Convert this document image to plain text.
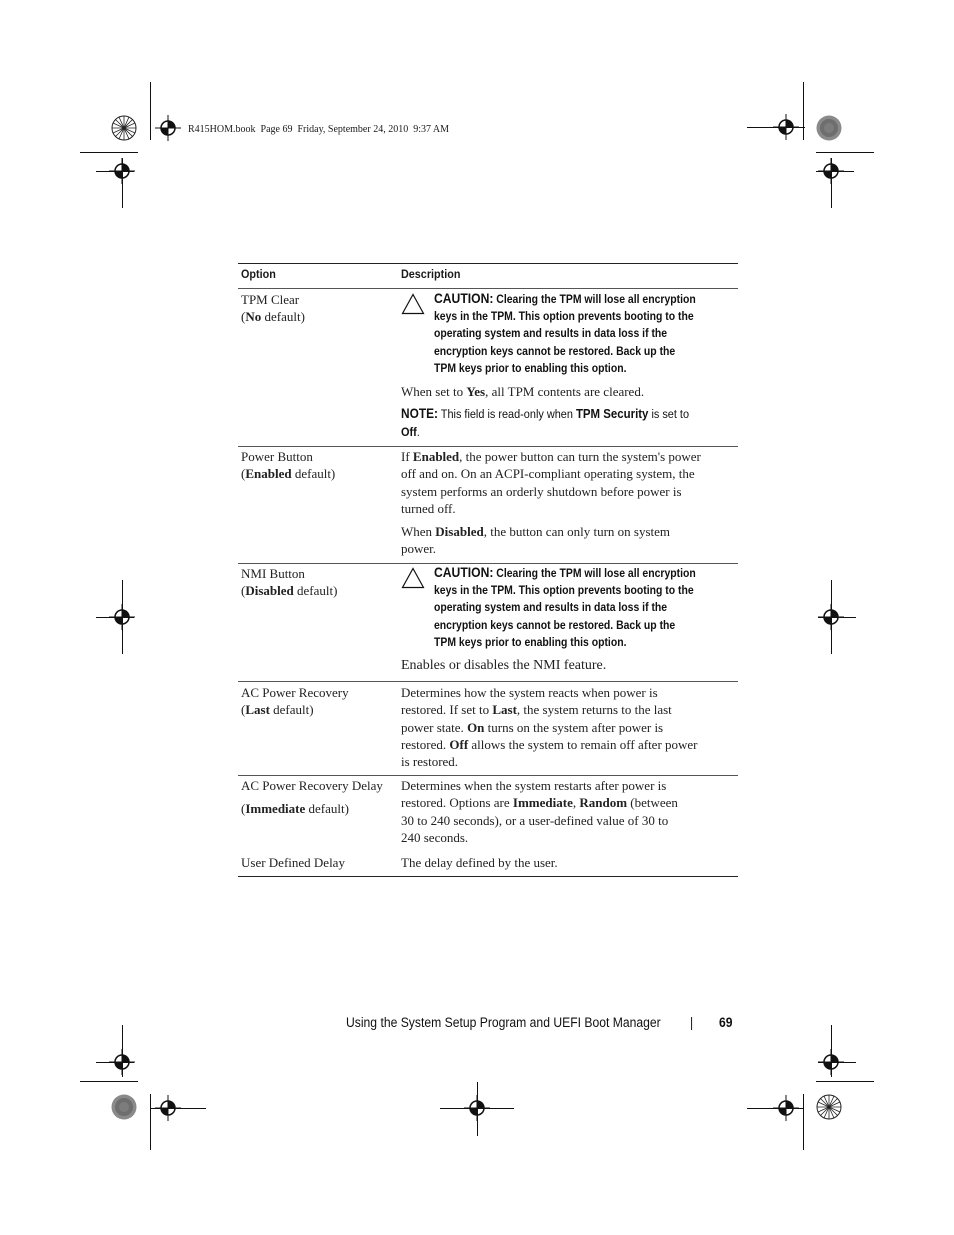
R415HOM.book Page 69 Friday, September 24, 2010 9:37 AM
Option	Description
TPM Clear
(No default)
CAUTION: Clearing the TPM will lose all encryption
keys in the TPM. This option prevents booting to the
operating system and results in data loss if the
encryption keys cannot be restored. Back up the
TPM keys prior to enabling this option.
When set to Yes, all TPM contents are cleared.
NOTE: This field is read-only when TPM Security is set to
Off.
Power Button
(Enabled default)
If Enabled, the power button can turn the system's power
off and on. On an ACPI-compliant operating system, the
system performs an orderly shutdown before power is
turned off.
When Disabled, the button can only turn on system
power.
NMI Button
(Disabled default)
CAUTION: Clearing the TPM will lose all encryption
keys in the TPM. This option prevents booting to the
operating system and results in data loss if the
encryption keys cannot be restored. Back up the
TPM keys prior to enabling this option.
Enables or disables the NMI feature.
AC Power Recovery
(Last default)
Determines how the system reacts when power is
restored. If set to Last, the system returns to the last
power state. On turns on the system after power is
restored. Off allows the system to remain off after power
is restored.
AC Power Recovery Delay
(Immediate default)
Determines when the system restarts after power is
restored. Options are Immediate, Random (between
30 to 240 seconds), or a user-defined value of 30 to
240 seconds.
User Defined Delay	The delay defined by the user.
Using the System Setup Program and UEFI Boot Manager | 69
